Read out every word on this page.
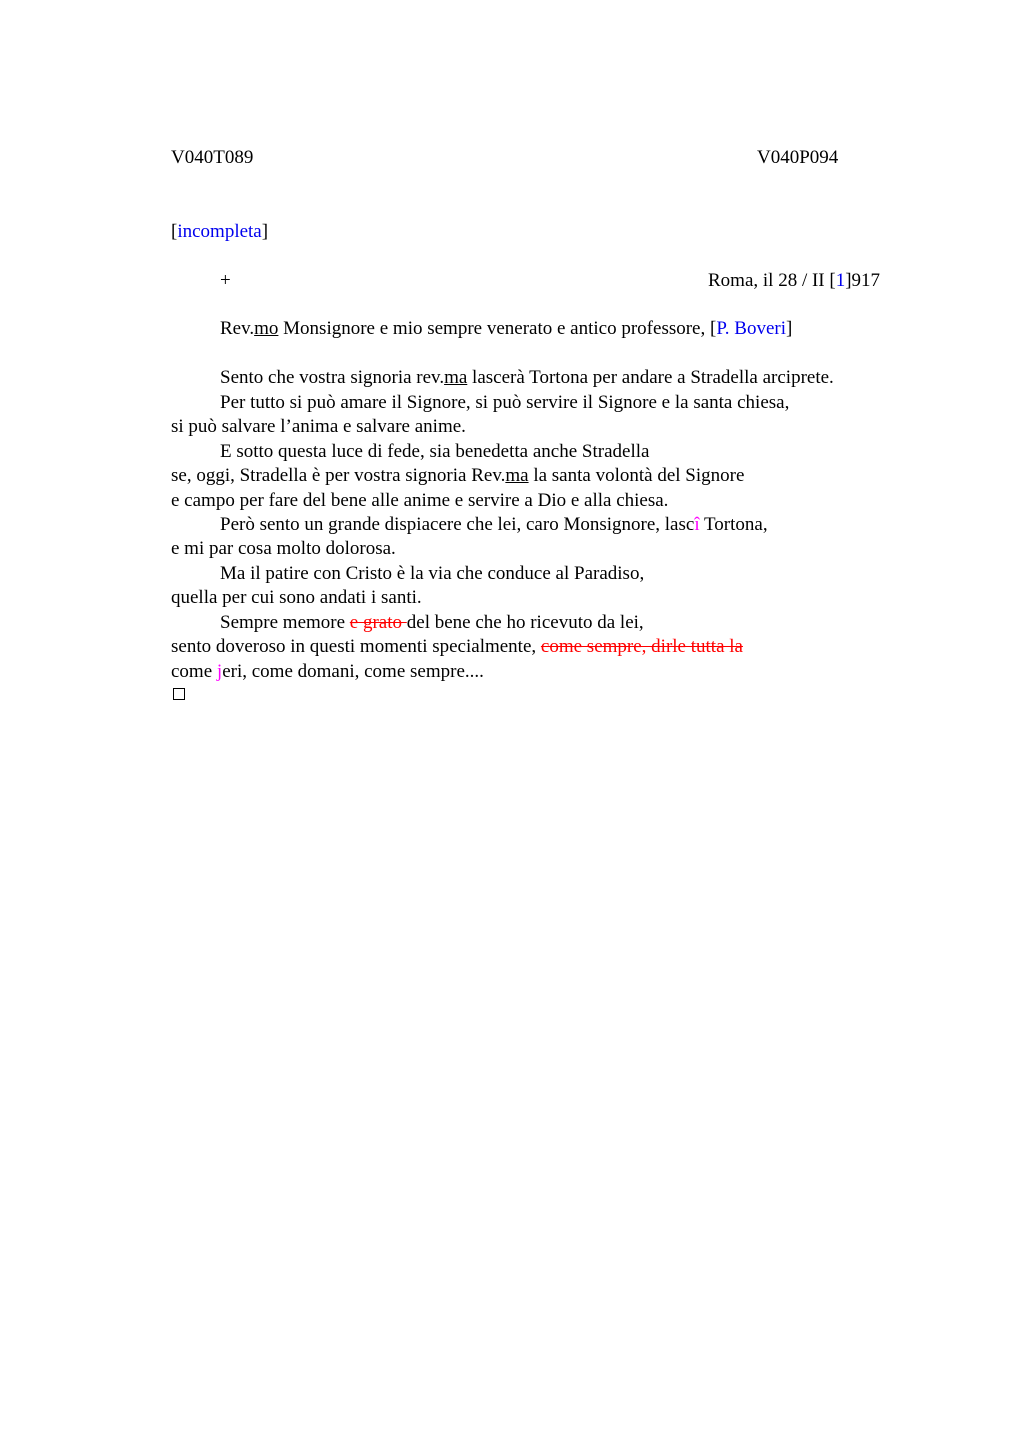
V040T089	V040P094
[incompleta]
+	Roma, il 28 / II [1]917
Rev.mo Monsignore e mio sempre venerato e antico professore, [P. Boveri]
Sento che vostra signoria rev.ma lascerà Tortona per andare a Stradella arciprete.
Per tutto si può amare il Signore, si può servire il Signore e la santa chiesa,
si può salvare l’anima e salvare anime.
E sotto questa luce di fede, sia benedetta anche Stradella
se, oggi, Stradella è per vostra signoria Rev.ma la santa volontà del Signore
e campo per fare del bene alle anime e servire a Dio e alla chiesa.
Però sento un grande dispiacere che lei, caro Monsignore, lascî Tortona,
e mi par cosa molto dolorosa.
Ma il patire con Cristo è la via che conduce al Paradiso,
quella per cui sono andati i santi.
Sempre memore e grato del bene che ho ricevuto da lei,
sento doveroso in questi momenti specialmente, come sempre, dirle tutta la
come jeri, come domani, come sempre....
